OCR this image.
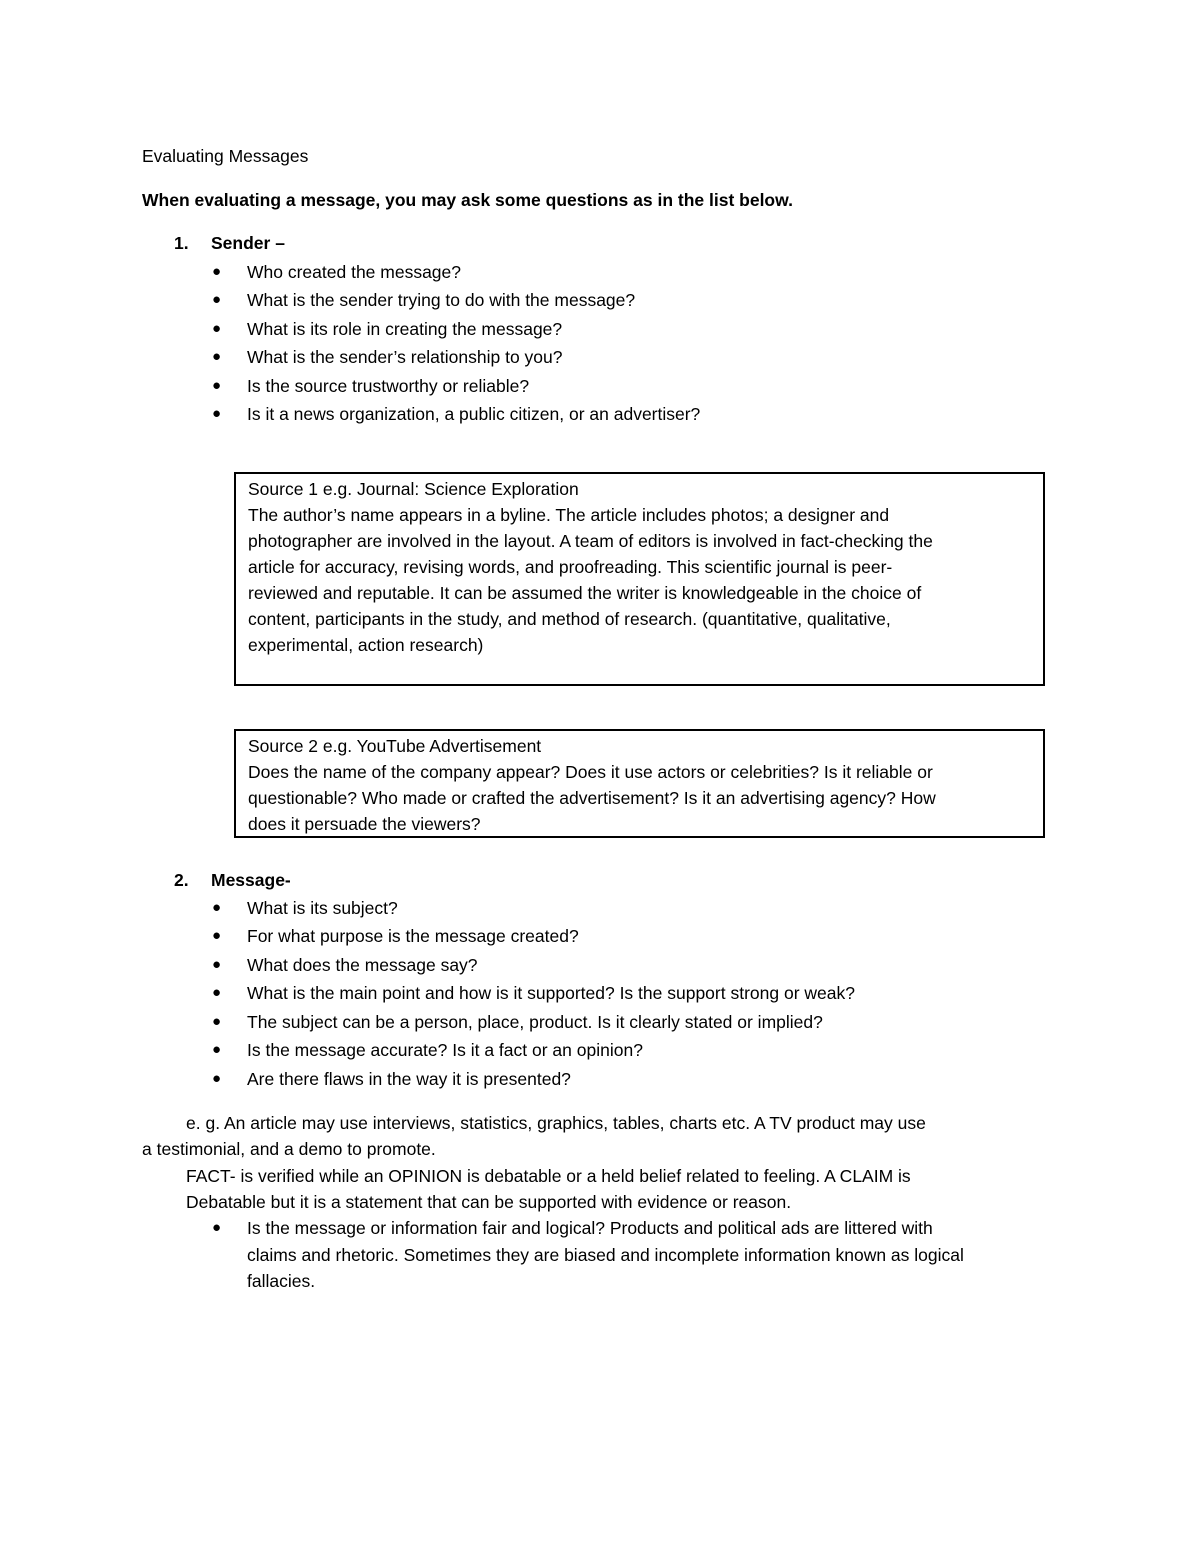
Evaluating Messages
When evaluating a message, you may ask some questions as in the list below.
1. Sender –
● Who created the message?
● What is the sender trying to do with the message?
● What is its role in creating the message?
● What is the sender’s relationship to you?
● Is the source trustworthy or reliable?
● Is it a news organization, a public citizen, or an advertiser?
Source 1 e.g. Journal: Science Exploration
The author’s name appears in a byline. The article includes photos; a designer and
photographer are involved in the layout. A team of editors is involved in fact-checking the
article for accuracy, revising words, and proofreading. This scientific journal is peer-
reviewed and reputable. It can be assumed the writer is knowledgeable in the choice of
content, participants in the study, and method of research. (quantitative, qualitative,
experimental, action research)
Source 2 e.g. YouTube Advertisement
Does the name of the company appear? Does it use actors or celebrities? Is it reliable or
questionable? Who made or crafted the advertisement? Is it an advertising agency? How
does it persuade the viewers?
2. Message-
● What is its subject?
● For what purpose is the message created?
● What does the message say?
● What is the main point and how is it supported? Is the support strong or weak?
● The subject can be a person, place, product. Is it clearly stated or implied?
● Is the message accurate? Is it a fact or an opinion?
● Are there flaws in the way it is presented?
e. g. An article may use interviews, statistics, graphics, tables, charts etc. A TV product may use
a testimonial, and a demo to promote.
FACT- is verified while an OPINION is debatable or a held belief related to feeling. A CLAIM is
Debatable but it is a statement that can be supported with evidence or reason.
● Is the message or information fair and logical? Products and political ads are littered with
claims and rhetoric. Sometimes they are biased and incomplete information known as logical
fallacies.
